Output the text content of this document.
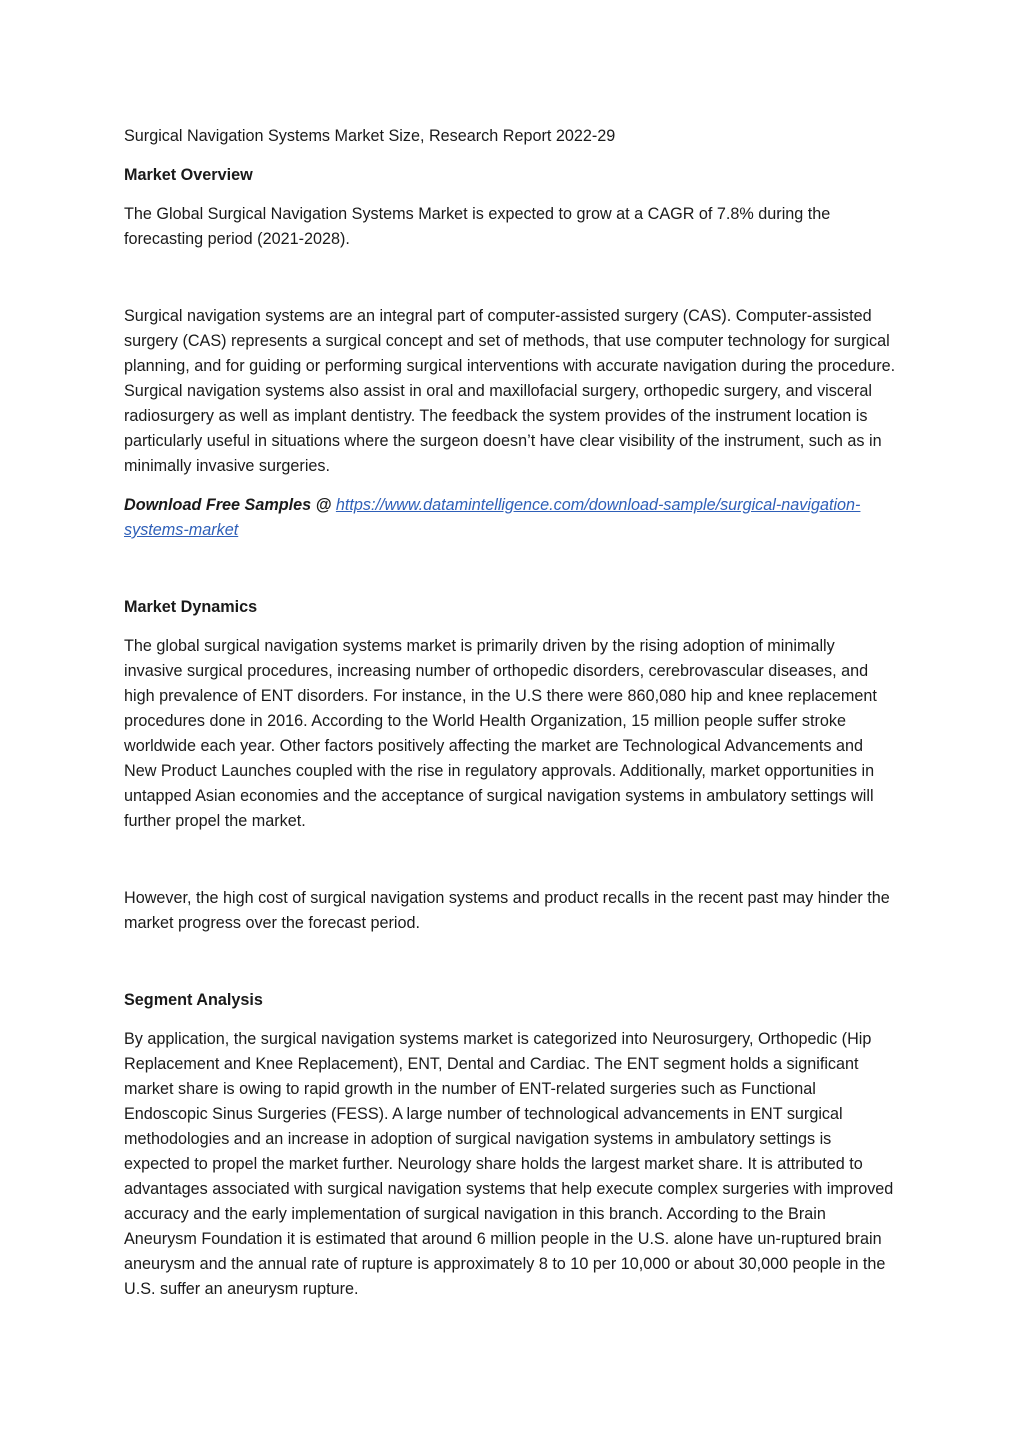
Surgical Navigation Systems Market Size, Research Report 2022-29

Market Overview

The Global Surgical Navigation Systems Market is expected to grow at a CAGR of 7.8% during the forecasting period (2021-2028).

Surgical navigation systems are an integral part of computer-assisted surgery (CAS). Computer-assisted surgery (CAS) represents a surgical concept and set of methods, that use computer technology for surgical planning, and for guiding or performing surgical interventions with accurate navigation during the procedure. Surgical navigation systems also assist in oral and maxillofacial surgery, orthopedic surgery, and visceral radiosurgery as well as implant dentistry. The feedback the system provides of the instrument location is particularly useful in situations where the surgeon doesn’t have clear visibility of the instrument, such as in minimally invasive surgeries.

Download Free Samples @ https://www.datamintelligence.com/download-sample/surgical-navigation-systems-market

Market Dynamics

The global surgical navigation systems market is primarily driven by the rising adoption of minimally invasive surgical procedures, increasing number of orthopedic disorders, cerebrovascular diseases, and high prevalence of ENT disorders. For instance, in the U.S there were 860,080 hip and knee replacement procedures done in 2016. According to the World Health Organization, 15 million people suffer stroke worldwide each year. Other factors positively affecting the market are Technological Advancements and New Product Launches coupled with the rise in regulatory approvals. Additionally, market opportunities in untapped Asian economies and the acceptance of surgical navigation systems in ambulatory settings will further propel the market.

However, the high cost of surgical navigation systems and product recalls in the recent past may hinder the market progress over the forecast period.

Segment Analysis

By application, the surgical navigation systems market is categorized into Neurosurgery, Orthopedic (Hip Replacement and Knee Replacement), ENT, Dental and Cardiac. The ENT segment holds a significant market share is owing to rapid growth in the number of ENT-related surgeries such as Functional Endoscopic Sinus Surgeries (FESS). A large number of technological advancements in ENT surgical methodologies and an increase in adoption of surgical navigation systems in ambulatory settings is expected to propel the market further. Neurology share holds the largest market share. It is attributed to advantages associated with surgical navigation systems that help execute complex surgeries with improved accuracy and the early implementation of surgical navigation in this branch. According to the Brain Aneurysm Foundation it is estimated that around 6 million people in the U.S. alone have un-ruptured brain aneurysm and the annual rate of rupture is approximately 8 to 10 per 10,000 or about 30,000 people in the U.S. suffer an aneurysm rupture.
